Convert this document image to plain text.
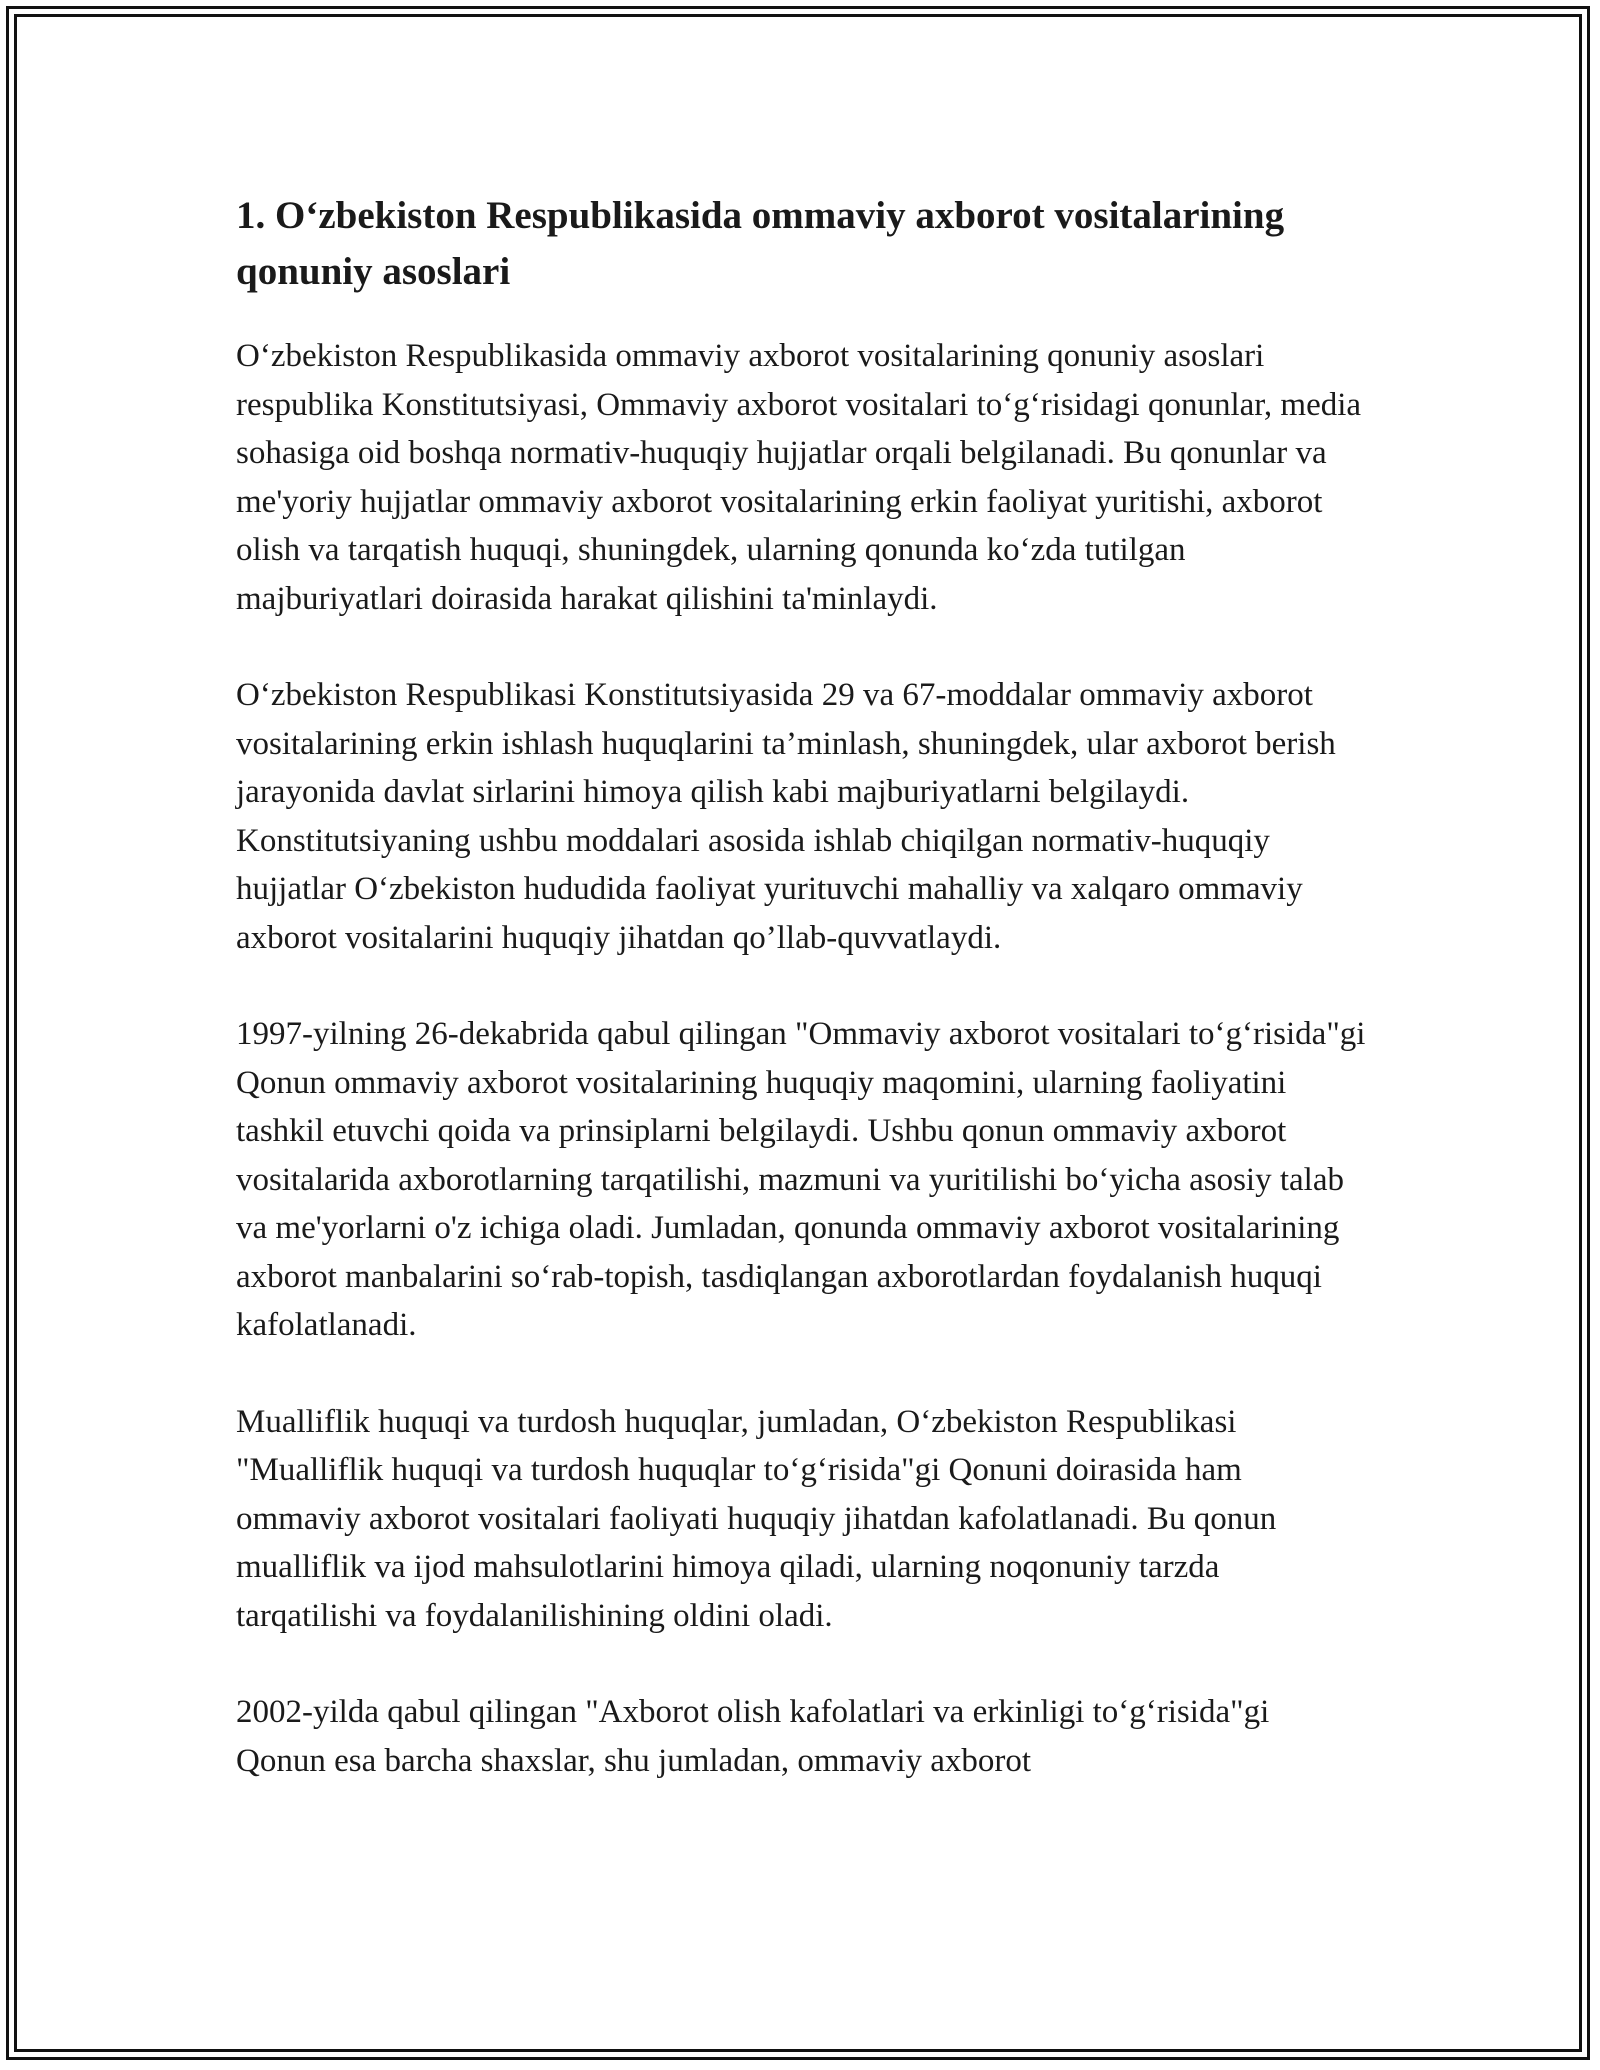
1. O‘zbekiston Respublikasida ommaviy axborot vositalarining qonuniy asoslari

O‘zbekiston Respublikasida ommaviy axborot vositalarining qonuniy asoslari respublika Konstitutsiyasi, Ommaviy axborot vositalari to‘g‘risidagi qonunlar, media sohasiga oid boshqa normativ-huquqiy hujjatlar orqali belgilanadi. Bu qonunlar va me'yoriy hujjatlar ommaviy axborot vositalarining erkin faoliyat yuritishi, axborot olish va tarqatish huquqi, shuningdek, ularning qonunda ko‘zda tutilgan majburiyatlari doirasida harakat qilishini ta'minlaydi.

O‘zbekiston Respublikasi Konstitutsiyasida 29 va 67-moddalar ommaviy axborot vositalarining erkin ishlash huquqlarini ta’minlash, shuningdek, ular axborot berish jarayonida davlat sirlarini himoya qilish kabi majburiyatlarni belgilaydi. Konstitutsiyaning ushbu moddalari asosida ishlab chiqilgan normativ-huquqiy hujjatlar O‘zbekiston hududida faoliyat yurituvchi mahalliy va xalqaro ommaviy axborot vositalarini huquqiy jihatdan qo’llab-quvvatlaydi.

1997-yilning 26-dekabrida qabul qilingan "Ommaviy axborot vositalari to‘g‘risida"gi Qonun ommaviy axborot vositalarining huquqiy maqomini, ularning faoliyatini tashkil etuvchi qoida va prinsiplarni belgilaydi. Ushbu qonun ommaviy axborot vositalarida axborotlarning tarqatilishi, mazmuni va yuritilishi bo‘yicha asosiy talab va me'yorlarni o'z ichiga oladi. Jumladan, qonunda ommaviy axborot vositalarining axborot manbalarini so‘rab-topish, tasdiqlangan axborotlardan foydalanish huquqi kafolatlanadi.

Mualliflik huquqi va turdosh huquqlar, jumladan, O‘zbekiston Respublikasi "Mualliflik huquqi va turdosh huquqlar to‘g‘risida"gi Qonuni doirasida ham ommaviy axborot vositalari faoliyati huquqiy jihatdan kafolatlanadi. Bu qonun mualliflik va ijod mahsulotlarini himoya qiladi, ularning noqonuniy tarzda tarqatilishi va foydalanilishining oldini oladi.

2002-yilda qabul qilingan "Axborot olish kafolatlari va erkinligi to‘g‘risida"gi Qonun esa barcha shaxslar, shu jumladan, ommaviy axborot
